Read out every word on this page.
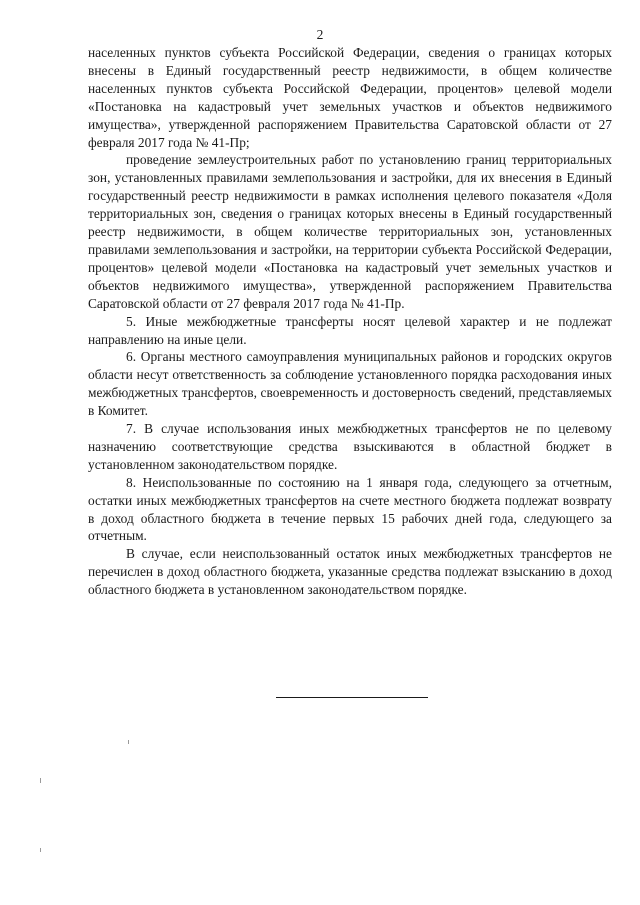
2

населенных пунктов субъекта Российской Федерации, сведения о границах которых внесены в Единый государственный реестр недвижимости, в общем количестве населенных пунктов субъекта Российской Федерации, процентов» целевой модели «Постановка на кадастровый учет земельных участков и объектов недвижимого имущества», утвержденной распоряжением Правительства Саратовской области от 27 февраля 2017 года № 41-Пр;

проведение землеустроительных работ по установлению границ территориальных зон, установленных правилами землепользования и застройки, для их внесения в Единый государственный реестр недвижимости в рамках исполнения целевого показателя «Доля территориальных зон, сведения о границах которых внесены в Единый государственный реестр недвижимости, в общем количестве территориальных зон, установленных правилами землепользования и застройки, на территории субъекта Российской Федерации, процентов» целевой модели «Постановка на кадастровый учет земельных участков и объектов недвижимого имущества», утвержденной распоряжением Правительства Саратовской области от 27 февраля 2017 года № 41-Пр.

5. Иные межбюджетные трансферты носят целевой характер и не подлежат направлению на иные цели.

6. Органы местного самоуправления муниципальных районов и городских округов области несут ответственность за соблюдение установленного порядка расходования иных межбюджетных трансфертов, своевременность и достоверность сведений, представляемых в Комитет.

7. В случае использования иных межбюджетных трансфертов не по целевому назначению соответствующие средства взыскиваются в областной бюджет в установленном законодательством порядке.

8. Неиспользованные по состоянию на 1 января года, следующего за отчетным, остатки иных межбюджетных трансфертов на счете местного бюджета подлежат возврату в доход областного бюджета в течение первых 15 рабочих дней года, следующего за отчетным.

В случае, если неиспользованный остаток иных межбюджетных трансфертов не перечислен в доход областного бюджета, указанные средства подлежат взысканию в доход областного бюджета в установленном законодательством порядке.
